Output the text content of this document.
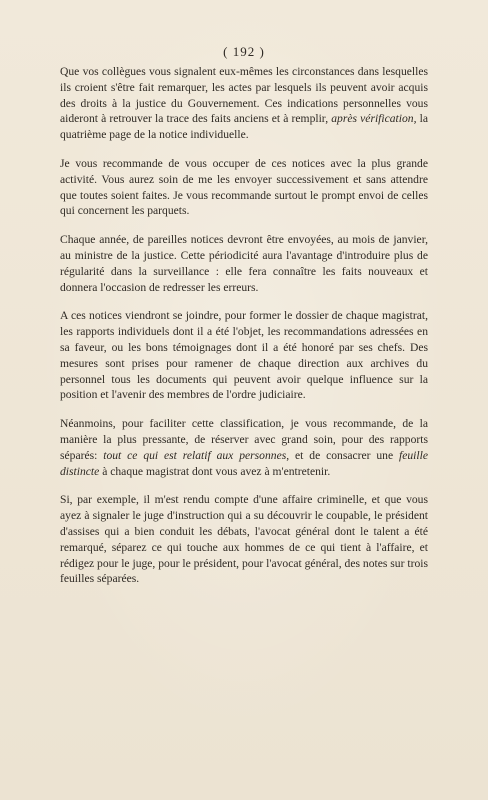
( 192 )

Que vos collègues vous signalent eux-mêmes les circonstances dans lesquelles ils croient s'être fait remarquer, les actes par lesquels ils peuvent avoir acquis des droits à la justice du Gouvernement. Ces indications personnelles vous aideront à retrouver la trace des faits anciens et à remplir, après vérification, la quatrième page de la notice individuelle.

Je vous recommande de vous occuper de ces notices avec la plus grande activité. Vous aurez soin de me les envoyer successivement et sans attendre que toutes soient faites. Je vous recommande surtout le prompt envoi de celles qui concernent les parquets.

Chaque année, de pareilles notices devront être envoyées, au mois de janvier, au ministre de la justice. Cette périodicité aura l'avantage d'introduire plus de régularité dans la surveillance : elle fera connaître les faits nouveaux et donnera l'occasion de redresser les erreurs.

A ces notices viendront se joindre, pour former le dossier de chaque magistrat, les rapports individuels dont il a été l'objet, les recommandations adressées en sa faveur, ou les bons témoignages dont il a été honoré par ses chefs. Des mesures sont prises pour ramener de chaque direction aux archives du personnel tous les documents qui peuvent avoir quelque influence sur la position et l'avenir des membres de l'ordre judiciaire.

Néanmoins, pour faciliter cette classification, je vous recommande, de la manière la plus pressante, de réserver avec grand soin, pour des rapports séparés: tout ce qui est relatif aux personnes, et de consacrer une feuille distincte à chaque magistrat dont vous avez à m'entretenir.

Si, par exemple, il m'est rendu compte d'une affaire criminelle, et que vous ayez à signaler le juge d'instruction qui a su découvrir le coupable, le président d'assises qui a bien conduit les débats, l'avocat général dont le talent a été remarqué, séparez ce qui touche aux hommes de ce qui tient à l'affaire, et rédigez pour le juge, pour le président, pour l'avocat général, des notes sur trois feuilles séparées.
